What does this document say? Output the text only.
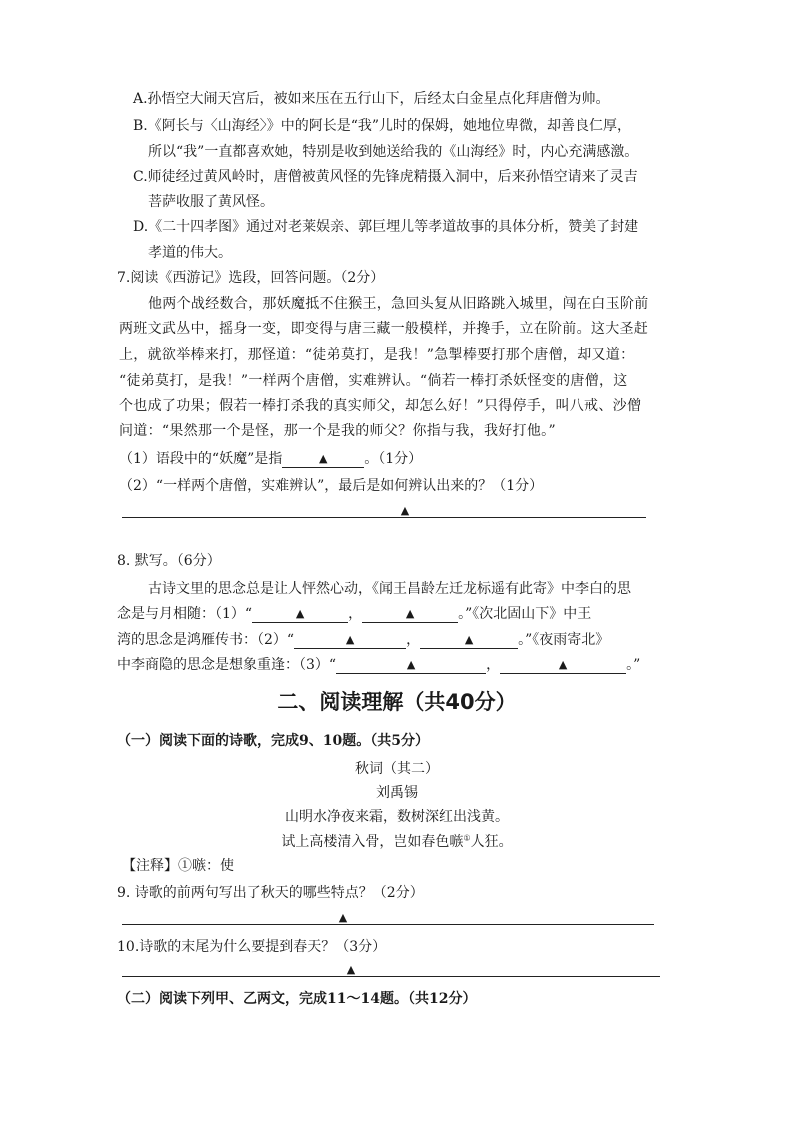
A.孙悟空大闹天宫后，被如来压在五行山下，后经太白金星点化拜唐僧为帅。
B.《阿长与〈山海经〉》中的阿长是“我”儿时的保姆，她地位卑微，却善良仁厚，
所以“我”一直都喜欢她，特别是收到她送给我的《山海经》时，内心充满感激。
C.师徒经过黄风岭时，唐僧被黄风怪的先锋虎精摄入洞中，后来孙悟空请来了灵吉
菩萨收服了黄风怪。
D.《二十四孝图》通过对老莱娱亲、郭巨埋儿等孝道故事的具体分析，赞美了封建
孝道的伟大。
7.阅读《西游记》选段，回答问题。（2分）
他两个战经数合，那妖魔抵不住猴王，急回头复从旧路跳入城里，闯在白玉阶前
两班文武丛中，摇身一变，即变得与唐三藏一般模样，并搀手，立在阶前。这大圣赶
上，就欲举棒来打，那怪道：“徒弟莫打，是我！”急掣棒要打那个唐僧，却又道：
“徒弟莫打，是我！”一样两个唐僧，实难辨认。“倘若一棒打杀妖怪变的唐僧，这
个也成了功果；假若一棒打杀我的真实师父，却怎么好！”只得停手，叫八戒、沙僧
问道：“果然那一个是怪，那一个是我的师父？你指与我，我好打他。”
（1）语段中的“妖魔”是指	▲	。（1分）
（2）“一样两个唐僧，实难辨认”，最后是如何辨认出来的？（1分）
▲
8. 默写。（6分）
古诗文里的思念总是让人怦然心动，《闻王昌龄左迁龙标遥有此寄》中李白的思
念是与月相随：（1）“	▲	，	▲	。”《次北固山下》中王
湾的思念是鸿雁传书：（2）“	▲	，	▲	。”《夜雨寄北》
中李商隐的思念是想象重逢：（3）“	▲	，	▲	。”
二、阅读理解（共40分）
（一）阅读下面的诗歌，完成9、10题。（共5分）
秋词（其二）
刘禹锡
山明水净夜来霜，数树深红出浅黄。
试上高楼清入骨，岂如春色嗾①人狂。
【注释】①嗾：使
9. 诗歌的前两句写出了秋天的哪些特点？（2分）
▲
10.诗歌的末尾为什么要提到春天？（3分）
▲
（二）阅读下列甲、乙两文，完成11～14题。（共12分）
